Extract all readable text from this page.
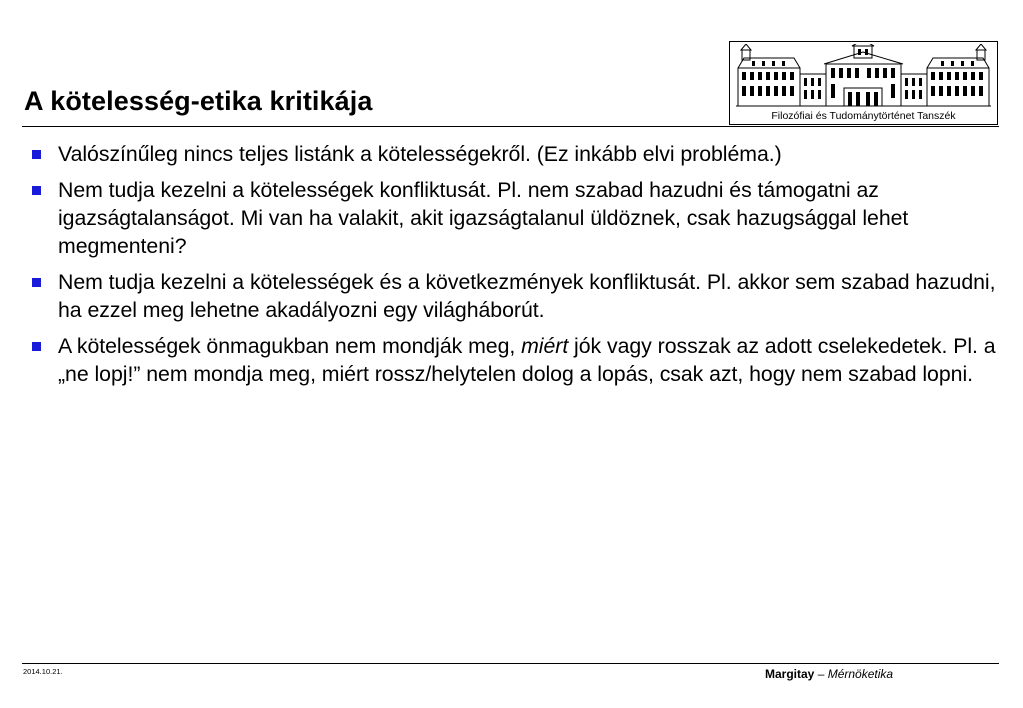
A kötelesség-etika kritikája	Filozófiai és Tudománytörténet Tanszék
Valószínűleg nincs teljes listánk a kötelességekről. (Ez inkább elvi probléma.)
Nem tudja kezelni a kötelességek konfliktusát. Pl. nem szabad hazudni és támogatni az igazságtalanságot. Mi van ha valakit, akit igazságtalanul üldöznek, csak hazugsággal lehet megmenteni?
Nem tudja kezelni a kötelességek és a következmények konfliktusát. Pl. akkor sem szabad hazudni, ha ezzel meg lehetne akadályozni egy világháborút.
A kötelességek önmagukban nem mondják meg, miért jók vagy rosszak az adott cselekedetek. Pl. a „ne lopj!” nem mondja meg, miért rossz/helytelen dolog a lopás, csak azt, hogy nem szabad lopni.
2014.10.21.	Margitay – Mérnöketika
